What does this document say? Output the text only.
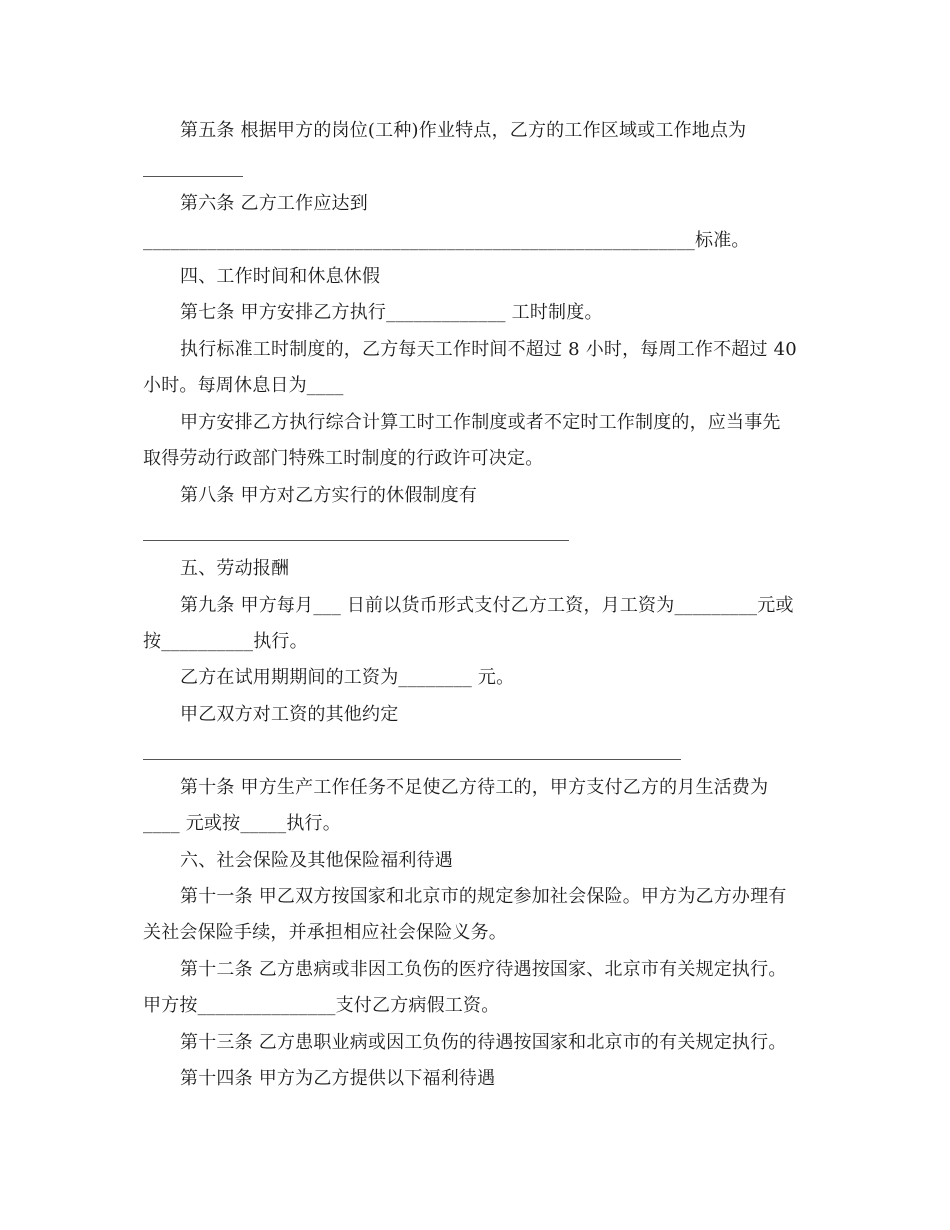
第五条 根据甲方的岗位(工种)作业特点，乙方的工作区域或工作地点为
第六条 乙方工作应达到
____________________________________________________________标准。
四、工作时间和休息休假
第七条 甲方安排乙方执行_____________ 工时制度。
执行标准工时制度的，乙方每天工作时间不超过 8 小时，每周工作不超过 40
小时。每周休息日为____
甲方安排乙方执行综合计算工时工作制度或者不定时工作制度的，应当事先
取得劳动行政部门特殊工时制度的行政许可决定。
第八条 甲方对乙方实行的休假制度有
五、劳动报酬
第九条 甲方每月___ 日前以货币形式支付乙方工资，月工资为_________元或
按__________执行。
乙方在试用期期间的工资为________ 元。
甲乙双方对工资的其他约定
第十条 甲方生产工作任务不足使乙方待工的，甲方支付乙方的月生活费为
____ 元或按_____执行。
六、社会保险及其他保险福利待遇
第十一条 甲乙双方按国家和北京市的规定参加社会保险。甲方为乙方办理有
关社会保险手续，并承担相应社会保险义务。
第十二条 乙方患病或非因工负伤的医疗待遇按国家、北京市有关规定执行。
甲方按_______________支付乙方病假工资。
第十三条 乙方患职业病或因工负伤的待遇按国家和北京市的有关规定执行。
第十四条 甲方为乙方提供以下福利待遇
